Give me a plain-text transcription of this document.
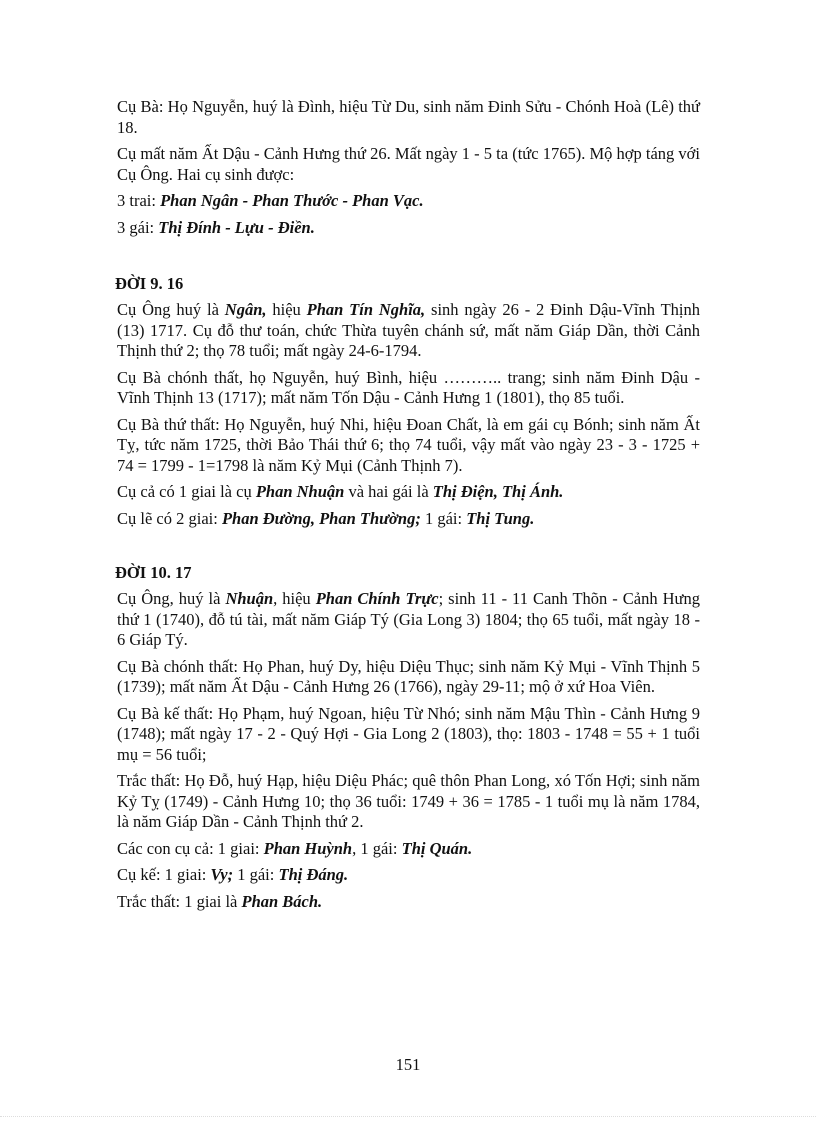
Cụ Bà: Họ Nguyễn, huý là Đình, hiệu Từ Du, sinh năm Đinh Sửu - Chónh Hoà (Lê) thứ 18.

Cụ mất năm Ất Dậu - Cảnh Hưng thứ 26. Mất ngày 1 - 5 ta (tức 1765). Mộ hợp táng với Cụ Ông. Hai cụ sinh được:

3 trai: Phan Ngân - Phan Thước - Phan Vạc.

3 gái: Thị Đính - Lựu - Điền.

ĐỜI 9. 16

Cụ Ông huý là Ngân, hiệu Phan Tín Nghĩa, sinh ngày 26 - 2 Đinh Dậu-Vĩnh Thịnh (13) 1717. Cụ đỗ thư toán, chức Thừa tuyên chánh sứ, mất năm Giáp Dần, thời Cảnh Thịnh thứ 2; thọ 78 tuổi; mất ngày 24-6-1794.

Cụ Bà chónh thất, họ Nguyễn, huý Bình, hiệu ……….. trang; sinh năm Đinh Dậu - Vĩnh Thịnh 13 (1717); mất năm Tốn Dậu - Cảnh Hưng 1 (1801), thọ 85 tuổi.

Cụ Bà thứ thất: Họ Nguyễn, huý Nhi, hiệu Đoan Chất, là em gái cụ Bónh; sinh năm Ất Tỵ, tức năm 1725, thời Bảo Thái thứ 6; thọ 74 tuổi, vậy mất vào ngày 23 - 3 - 1725 + 74 = 1799 - 1=1798 là năm Kỷ Mụi (Cảnh Thịnh 7).

Cụ cả có 1 giai là cụ Phan Nhuận và hai gái là Thị Điện, Thị Ánh.

Cụ lẽ có 2 giai: Phan Đường, Phan Thường; 1 gái: Thị Tung.

ĐỜI 10. 17

Cụ Ông, huý là Nhuận, hiệu Phan Chính Trực; sinh 11 - 11 Canh Thõn - Cảnh Hưng thứ 1 (1740), đỗ tú tài, mất năm Giáp Tý (Gia Long 3) 1804; thọ 65 tuổi, mất ngày 18 - 6 Giáp Tý.

Cụ Bà chónh thất: Họ Phan, huý Dy, hiệu Diệu Thục; sinh năm Kỷ Mụi - Vĩnh Thịnh 5 (1739); mất năm Ất Dậu - Cảnh Hưng 26 (1766), ngày 29-11; mộ ở xứ Hoa Viên.

Cụ Bà kế thất: Họ Phạm, huý Ngoan, hiệu Từ Nhó; sinh năm Mậu Thìn - Cảnh Hưng 9 (1748); mất ngày 17 - 2 - Quý Hợi - Gia Long 2 (1803), thọ: 1803 - 1748 = 55 + 1 tuổi mụ = 56 tuổi;

Trắc thất: Họ Đỗ, huý Hạp, hiệu Diệu Phác; quê thôn Phan Long, xó Tốn Hợi; sinh năm Kỷ Tỵ (1749) - Cảnh Hưng 10; thọ 36 tuổi: 1749 + 36 = 1785 - 1 tuổi mụ là năm 1784, là năm Giáp Dần - Cảnh Thịnh thứ 2.

Các con cụ cả: 1 giai: Phan Huỳnh, 1 gái: Thị Quán.

Cụ kế: 1 giai: Vy; 1 gái: Thị Đáng.

Trắc thất: 1 giai là Phan Bách.

151
